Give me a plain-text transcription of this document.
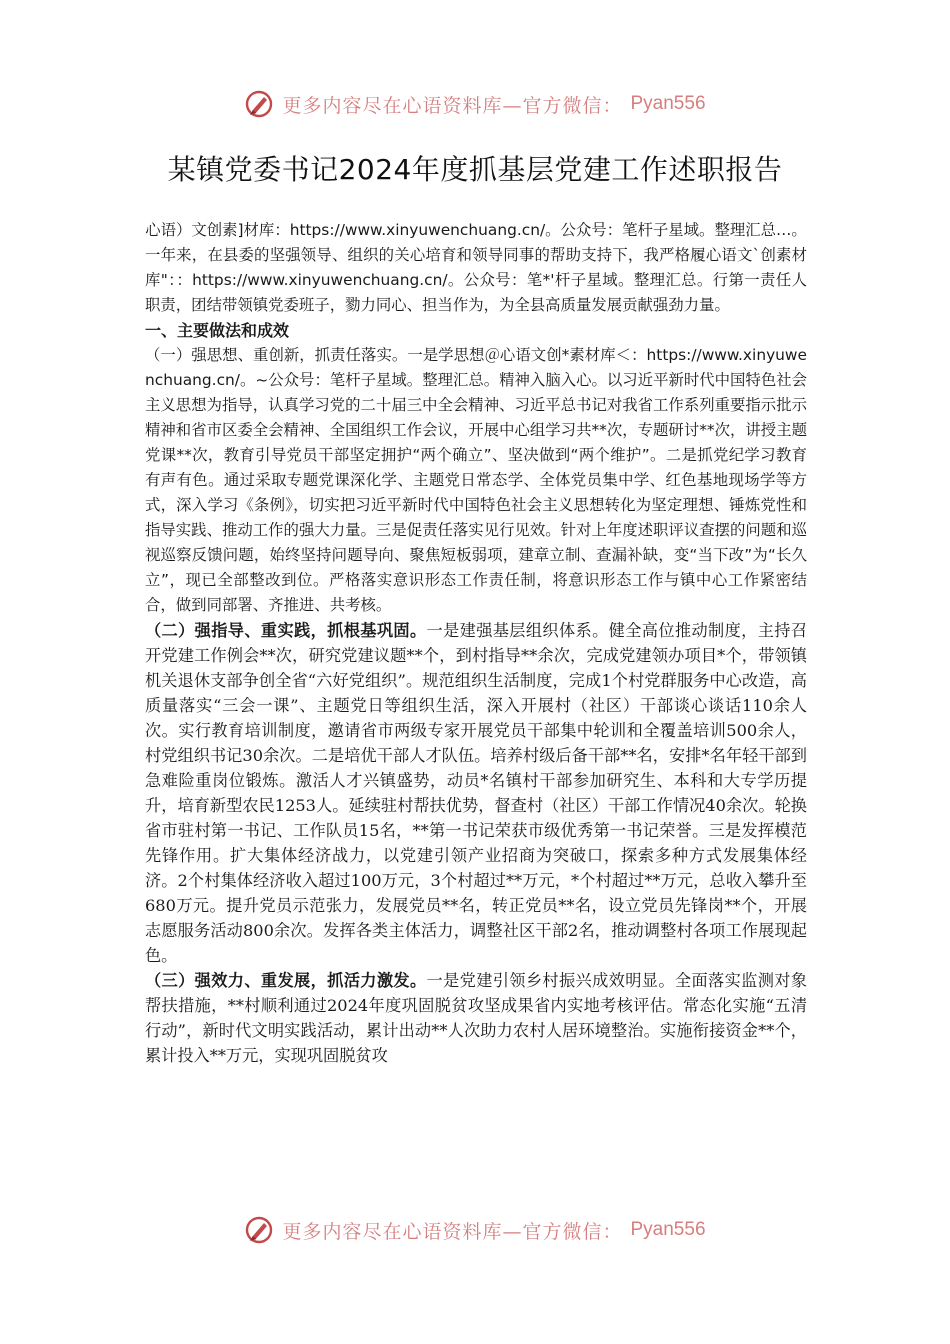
更多内容尽在心语资料库—官方微信： Pyan556
某镇党委书记2024年度抓基层党建工作述职报告

心语）文创素]材库：https://www.xinyuwenchuang.cn/。公众号：笔杆子星域。整理汇总…。

一年来，在县委的坚强领导、组织的关心培育和领导同事的帮助支持下，我严格履心语文`创素材库"：：https://www.xinyuwenchuang.cn/。公众号：笔*'杆子星域。整理汇总。行第一责任人职责，团结带领镇党委班子，勠力同心、担当作为，为全县高质量发展贡献强劲力量。

一、主要做法和成效

（一）强思想、重创新，抓责任落实。一是学思想＠心语文创*素材库＜：https://www.xinyuwenchuang.cn/。~公众号：笔杆子星域。整理汇总。精神入脑入心。以习近平新时代中国特色社会主义思想为指导，认真学习党的二十届三中全会精神、习近平总书记对我省工作系列重要指示批示精神和省市区委全会精神、全国组织工作会议，开展中心组学习共**次，专题研讨**次，讲授主题党课**次，教育引导党员干部坚定拥护“两个确立”、坚决做到“两个维护”。二是抓党纪学习教育有声有色。通过采取专题党课深化学、主题党日常态学、全体党员集中学、红色基地现场学等方式，深入学习《条例》，切实把习近平新时代中国特色社会主义思想转化为坚定理想、锤炼党性和指导实践、推动工作的强大力量。三是促责任落实见行见效。针对上年度述职评议查摆的问题和巡视巡察反馈问题，始终坚持问题导向、聚焦短板弱项，建章立制、查漏补缺，变“当下改”为“长久立”，现已全部整改到位。严格落实意识形态工作责任制，将意识形态工作与镇中心工作紧密结合，做到同部署、齐推进、共考核。

（二）强指导、重实践，抓根基巩固。一是建强基层组织体系。健全高位推动制度，主持召开党建工作例会**次，研究党建议题**个，到村指导**余次，完成党建领办项目*个，带领镇机关退休支部争创全省“六好党组织”。规范组织生活制度，完成1个村党群服务中心改造，高质量落实“三会一课”、主题党日等组织生活，深入开展村（社区）干部谈心谈话110余人次。实行教育培训制度，邀请省市两级专家开展党员干部集中轮训和全覆盖培训500余人，村党组织书记30余次。二是培优干部人才队伍。培养村级后备干部**名，安排*名年轻干部到急难险重岗位锻炼。激活人才兴镇盛势，动员*名镇村干部参加研究生、本科和大专学历提升，培育新型农民1253人。延续驻村帮扶优势，督查村（社区）干部工作情况40余次。轮换省市驻村第一书记、工作队员15名，**第一书记荣获市级优秀第一书记荣誉。三是发挥模范先锋作用。扩大集体经济战力，以党建引领产业招商为突破口，探索多种方式发展集体经济。2个村集体经济收入超过100万元，3个村超过**万元，*个村超过**万元，总收入攀升至680万元。提升党员示范张力，发展党员**名，转正党员**名，设立党员先锋岗**个，开展志愿服务活动800余次。发挥各类主体活力，调整社区干部2名，推动调整村各项工作展现起色。

（三）强效力、重发展，抓活力激发。一是党建引领乡村振兴成效明显。全面落实监测对象帮扶措施，**村顺利通过2024年度巩固脱贫攻坚成果省内实地考核评估。常态化实施“五清行动”，新时代文明实践活动，累计出动**人次助力农村人居环境整治。实施衔接资金**个，累计投入**万元，实现巩固脱贫攻

更多内容尽在心语资料库—官方微信： Pyan556
